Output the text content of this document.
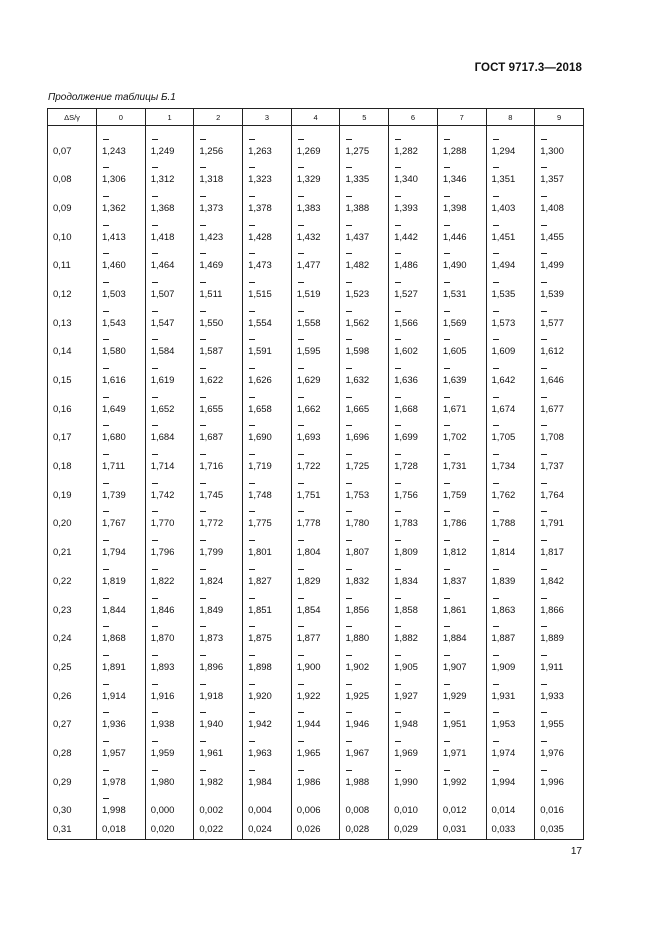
ГОСТ 9717.3—2018
Продолжение таблицы Б.1
ΔS/γ	0	1	2	3	4	5	6	7	8	9
0,07	1,243	1,249	1,256	1,263	1,269	1,275	1,282	1,288	1,294	1,300

0,08	1,306	1,312	1,318	1,323	1,329	1,335	1,340	1,346	1,351	1,357

0,09	1,362	1,368	1,373	1,378	1,383	1,388	1,393	1,398	1,403	1,408

0,10	1,413	1,418	1,423	1,428	1,432	1,437	1,442	1,446	1,451	1,455

0,11	1,460	1,464	1,469	1,473	1,477	1,482	1,486	1,490	1,494	1,499

0,12	1,503	1,507	1,511	1,515	1,519	1,523	1,527	1,531	1,535	1,539

0,13	1,543	1,547	1,550	1,554	1,558	1,562	1,566	1,569	1,573	1,577

0,14	1,580	1,584	1,587	1,591	1,595	1,598	1,602	1,605	1,609	1,612

0,15	1,616	1,619	1,622	1,626	1,629	1,632	1,636	1,639	1,642	1,646

0,16	1,649	1,652	1,655	1,658	1,662	1,665	1,668	1,671	1,674	1,677

0,17	1,680	1,684	1,687	1,690	1,693	1,696	1,699	1,702	1,705	1,708

0,18	1,711	1,714	1,716	1,719	1,722	1,725	1,728	1,731	1,734	1,737

0,19	1,739	1,742	1,745	1,748	1,751	1,753	1,756	1,759	1,762	1,764

0,20	1,767	1,770	1,772	1,775	1,778	1,780	1,783	1,786	1,788	1,791

0,21	1,794	1,796	1,799	1,801	1,804	1,807	1,809	1,812	1,814	1,817

0,22	1,819	1,822	1,824	1,827	1,829	1,832	1,834	1,837	1,839	1,842

0,23	1,844	1,846	1,849	1,851	1,854	1,856	1,858	1,861	1,863	1,866

0,24	1,868	1,870	1,873	1,875	1,877	1,880	1,882	1,884	1,887	1,889

0,25	1,891	1,893	1,896	1,898	1,900	1,902	1,905	1,907	1,909	1,911

0,26	1,914	1,916	1,918	1,920	1,922	1,925	1,927	1,929	1,931	1,933

0,27	1,936	1,938	1,940	1,942	1,944	1,946	1,948	1,951	1,953	1,955

0,28	1,957	1,959	1,961	1,963	1,965	1,967	1,969	1,971	1,974	1,976

0,29	1,978	1,980	1,982	1,984	1,986	1,988	1,990	1,992	1,994	1,996

0,30	1,998	0,000	0,002	0,004	0,006	0,008	0,010	0,012	0,014	0,016

0,31	0,018	0,020	0,022	0,024	0,026	0,028	0,029	0,031	0,033	0,035
17
